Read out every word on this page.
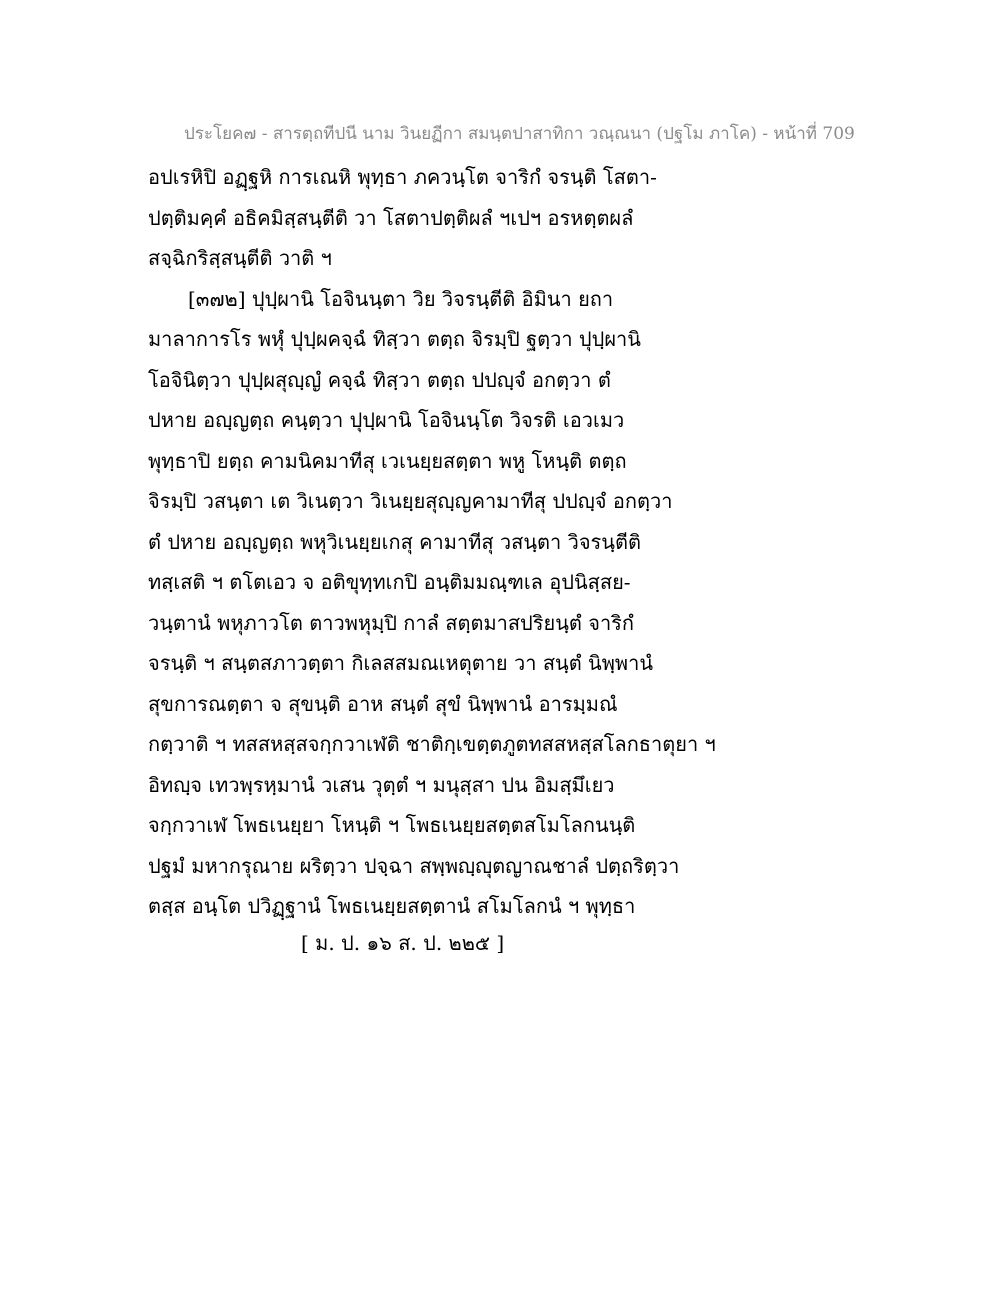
ประโยค๗ - สารตฺถทีปนี นาม วินยฏีกา สมนฺตปาสาทิกา วณฺณนา (ปฐโม ภาโค) - หน้าที่ 709
อปเรหิปิ อฏฺฐหิ การเณหิ พุทฺธา ภควนฺโต จาริกํ จรนฺติ โสตา-
ปตฺติมคฺคํ อธิคมิสฺสนฺตีติ วา โสตาปตฺติผลํ ฯเปฯ อรหตฺตผลํ
สจฺฉิกริสฺสนฺตีติ วาติ ฯ
[๓๗๒] ปุปฺผานิ โอจินนฺตา วิย วิจรนฺตีติ อิมินา ยถา
มาลาการโร พหุํ ปุปฺผคจฺฉํ ทิสฺวา ตตฺถ จิรมฺปิ ฐตฺวา ปุปฺผานิ
โอจินิตฺวา ปุปฺผสุญฺญํ คจฺฉํ ทิสฺวา ตตฺถ ปปญฺจํ อกตฺวา ตํ
ปหาย อญฺญตฺถ คนฺตฺวา ปุปฺผานิ โอจินนฺโต วิจรติ เอวเมว
พุทฺธาปิ ยตฺถ คามนิคมาทีสุ เวเนยฺยสตฺตา พหู โหนฺติ ตตฺถ
จิรมฺปิ วสนฺตา เต วิเนตฺวา วิเนยฺยสุญฺญคามาทีสุ ปปญฺจํ อกตฺวา
ตํ ปหาย อญฺญตฺถ พหุวิเนยฺยเกสุ คามาทีสุ วสนฺตา วิจรนฺตีติ
ทสฺเสติ ฯ ตโตเอว จ อติขุทฺทเกปิ อนฺติมมณฺฑเล อุปนิสฺสย-
วนฺตานํ พหุภาวโต ตาวพหุมฺปิ กาลํ สตฺตมาสปริยนฺตํ จาริกํ
จรนฺติ ฯ สนฺตสภาวตฺตา กิเลสสมณเหตุตาย วา สนฺตํ นิพฺพานํ
สุขการณตฺตา จ สุขนฺติ อาห สนฺตํ สุขํ นิพฺพานํ อารมฺมณํ
กตฺวาติ ฯ ทสสหสฺสจกฺกวาเฬติ ชาติกฺเขตฺตภูตทสสหสฺสโลกธาตุยา ฯ
อิทญฺจ เทวพฺรหฺมานํ วเสน วุตฺตํ ฯ มนุสฺสา ปน อิมสฺมึเยว
จกฺกวาเฬ โพธเนยฺยา โหนฺติ ฯ โพธเนยฺยสตฺตสโมโลกนนฺติ
ปฐมํ มหากรุณาย ผริตฺวา ปจฺฉา สพฺพญฺญุตญาณชาลํ ปตฺถริตฺวา
ตสฺส อนฺโต ปวิฏฺฐานํ โพธเนยฺยสตฺตานํ สโมโลกนํ ฯ พุทฺธา
[ ม. ป. ๑๖ ส. ป. ๒๒๕ ]
